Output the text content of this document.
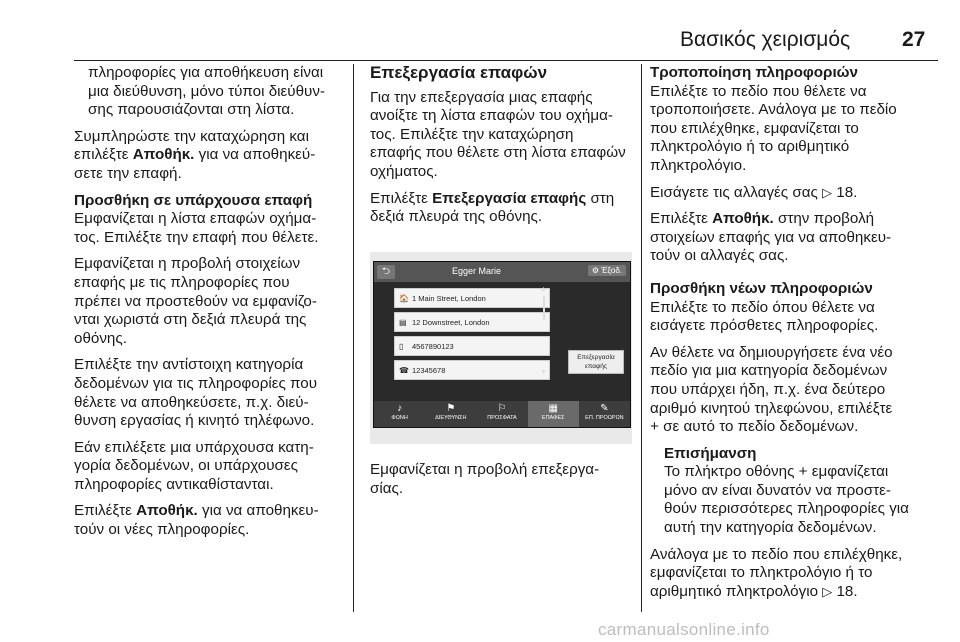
Βασικός χειρισμός 27

πληροφορίες για αποθήκευση είναι
μια διεύθυνση, μόνο τύποι διεύθυν-
σης παρουσιάζονται στη λίστα.

Συμπληρώστε την καταχώρηση και
επιλέξτε Αποθήκ. για να αποθηκεύ-
σετε την επαφή.

Προσθήκη σε υπάρχουσα επαφή

Εμφανίζεται η λίστα επαφών οχήμα-
τος. Επιλέξτε την επαφή που θέλετε.

Εμφανίζεται η προβολή στοιχείων
επαφής με τις πληροφορίες που
πρέπει να προστεθούν να εμφανίζο-
νται χωριστά στη δεξιά πλευρά της
οθόνης.

Επιλέξτε την αντίστοιχη κατηγορία
δεδομένων για τις πληροφορίες που
θέλετε να αποθηκεύσετε, π.χ. διεύ-
θυνση εργασίας ή κινητό τηλέφωνο.

Εάν επιλέξετε μια υπάρχουσα κατη-
γορία δεδομένων, οι υπάρχουσες
πληροφορίες αντικαθίστανται.

Επιλέξτε Αποθήκ. για να αποθηκευ-
τούν οι νέες πληροφορίες.

Επεξεργασία επαφών

Για την επεξεργασία μιας επαφής
ανοίξτε τη λίστα επαφών του οχήμα-
τος. Επιλέξτε την καταχώρηση
επαφής που θέλετε στη λίστα επαφών
οχήματος.

Επιλέξτε Επεξεργασία επαφής στη
δεξιά πλευρά της οθόνης.

⮌	Egger Marie	⚙ Έξοδ.
🏠 1 Main Street, London
▤ 12 Downstreet, London
▯	4567890123
☎ 12345678
▲
▼
Επεξεργασία
επαφής
♪
ΦΩΝΗ
⚑
ΔΙΕΥΘΥΝΣΗ
⚐
ΠΡΟΣΦΑΤΑ
▦
ΕΠΑΦΕΣ
✎
ΕΠ. ΠΡΟΩΡΩΝ
Εμφανίζεται η προβολή επεξεργα-
σίας.

Τροποποίηση πληροφοριών

Επιλέξτε το πεδίο που θέλετε να
τροποποιήσετε. Ανάλογα με το πεδίο
που επιλέχθηκε, εμφανίζεται το
πληκτρολόγιο ή το αριθμητικό
πληκτρολόγιο.

Εισάγετε τις αλλαγές σας ▷ 18.

Επιλέξτε Αποθήκ. στην προβολή
στοιχείων επαφής για να αποθηκευ-
τούν οι αλλαγές σας.

Προσθήκη νέων πληροφοριών

Επιλέξτε το πεδίο όπου θέλετε να
εισάγετε πρόσθετες πληροφορίες.

Αν θέλετε να δημιουργήσετε ένα νέο
πεδίο για μια κατηγορία δεδομένων
που υπάρχει ήδη, π.χ. ένα δεύτερο
αριθμό κινητού τηλεφώνου, επιλέξτε
+ σε αυτό το πεδίο δεδομένων.

Επισήμανση
Το πλήκτρο οθόνης + εμφανίζεται
μόνο αν είναι δυνατόν να προστε-
θούν περισσότερες πληροφορίες για
αυτή την κατηγορία δεδομένων.

Ανάλογα με το πεδίο που επιλέχθηκε,
εμφανίζεται το πληκτρολόγιο ή το
αριθμητικό πληκτρολόγιο ▷ 18.

carmanualsonline.info
